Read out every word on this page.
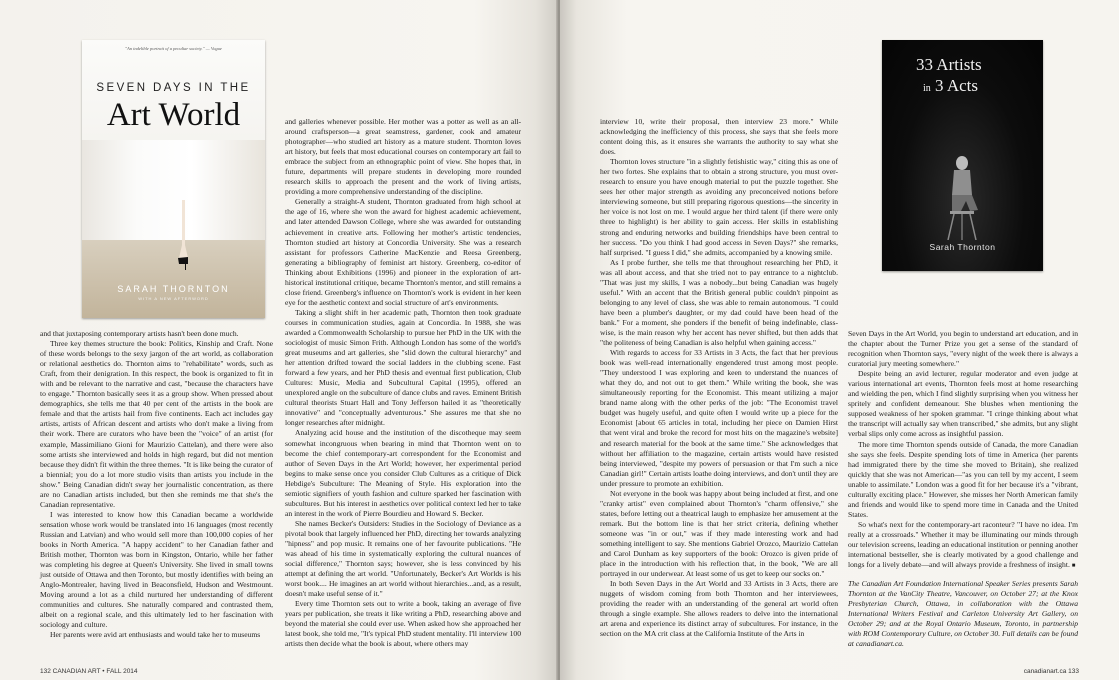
"An indelible portrait of a peculiar society." — Vogue
SEVEN DAYS IN THE
Art World
SARAH THORNTON
WITH A NEW AFTERWORD

and that juxtaposing contemporary artists hasn't been done much.

Three key themes structure the book: Politics, Kinship and Craft. None of these words belongs to the sexy jargon of the art world, as collaboration or relational aesthetics do. Thornton aims to "rehabilitate" words, such as Craft, from their denigration. In this respect, the book is organized to fit in with and be relevant to the narrative and cast, "because the characters have to engage." Thornton basically sees it as a group show. When pressed about demographics, she tells me that 40 per cent of the artists in the book are female and that the artists hail from five continents. Each act includes gay artists, artists of African descent and artists who don't make a living from their work. There are curators who have been the "voice" of an artist (for example, Massimiliano Gioni for Maurizio Cattelan), and there were also some artists she interviewed and holds in high regard, but did not mention because they didn't fit within the three themes. "It is like being the curator of a biennial; you do a lot more studio visits than artists you include in the show." Being Canadian didn't sway her journalistic concentration, as there are no Canadian artists included, but then she reminds me that she's the Canadian representative.

I was interested to know how this Canadian became a worldwide sensation whose work would be translated into 16 languages (most recently Russian and Latvian) and who would sell more than 100,000 copies of her books in North America. "A happy accident" to her Canadian father and British mother, Thornton was born in Kingston, Ontario, while her father was completing his degree at Queen's University. She lived in small towns just outside of Ottawa and then Toronto, but mostly identifies with being an Anglo-Montrealer, having lived in Beaconsfield, Hudson and Westmount. Moving around a lot as a child nurtured her understanding of different communities and cultures. She naturally compared and contrasted them, albeit on a regional scale, and this ultimately led to her fascination with sociology and culture.

Her parents were avid art enthusiasts and would take her to museums

and galleries whenever possible. Her mother was a potter as well as an all-around craftsperson—a great seamstress, gardener, cook and amateur photographer—who studied art history as a mature student. Thornton loves art history, but feels that most educational courses on contemporary art fail to embrace the subject from an ethnographic point of view. She hopes that, in future, departments will prepare students in developing more rounded research skills to approach the present and the work of living artists, providing a more comprehensive understanding of the discipline.

Generally a straight-A student, Thornton graduated from high school at the age of 16, where she won the award for highest academic achievement, and later attended Dawson College, where she was awarded for outstanding achievement in creative arts. Following her mother's artistic tendencies, Thornton studied art history at Concordia University. She was a research assistant for professors Catherine MacKenzie and Reesa Greenberg, generating a bibliography of feminist art history. Greenberg, co-editor of Thinking about Exhibitions (1996) and pioneer in the exploration of art-historical institutional critique, became Thornton's mentor, and still remains a close friend. Greenberg's influence on Thornton's work is evident in her keen eye for the aesthetic context and social structure of art's environments.

Taking a slight shift in her academic path, Thornton then took graduate courses in communication studies, again at Concordia. In 1988, she was awarded a Commonwealth Scholarship to pursue her PhD in the UK with the sociologist of music Simon Frith. Although London has some of the world's great museums and art galleries, she "slid down the cultural hierarchy" and her attention drifted toward the social ladders in the clubbing scene. Fast forward a few years, and her PhD thesis and eventual first publication, Club Cultures: Music, Media and Subcultural Capital (1995), offered an unexplored angle on the subculture of dance clubs and raves. Eminent British cultural theorists Stuart Hall and Tony Jefferson hailed it as "theoretically innovative" and "conceptually adventurous." She assures me that she no longer researches after midnight.

Analyzing acid house and the institution of the discotheque may seem somewhat incongruous when bearing in mind that Thornton went on to become the chief contemporary-art correspondent for the Economist and author of Seven Days in the Art World; however, her experimental period begins to make sense once you consider Club Cultures as a critique of Dick Hebdige's Subculture: The Meaning of Style. His exploration into the semiotic signifiers of youth fashion and culture sparked her fascination with subcultures. But his interest in aesthetics over political context led her to take an interest in the work of Pierre Bourdieu and Howard S. Becker.

She names Becker's Outsiders: Studies in the Sociology of Deviance as a pivotal book that largely influenced her PhD, directing her towards analyzing "hipness" and pop music. It remains one of her favourite publications. "He was ahead of his time in systematically exploring the cultural nuances of social difference," Thornton says; however, she is less convinced by his attempt at defining the art world. "Unfortunately, Becker's Art Worlds is his worst book.... He imagines an art world without hierarchies...and, as a result, doesn't make useful sense of it."

Every time Thornton sets out to write a book, taking an average of five years per publication, she treats it like writing a PhD, researching above and beyond the material she could ever use. When asked how she approached her latest book, she told me, "It's typical PhD student mentality. I'll interview 100 artists then decide what the book is about, where others may

132 CANADIAN ART • FALL 2014

interview 10, write their proposal, then interview 23 more." While acknowledging the inefficiency of this process, she says that she feels more content doing this, as it ensures she warrants the authority to say what she does.

Thornton loves structure "in a slightly fetishistic way," citing this as one of her two fortes. She explains that to obtain a strong structure, you must over-research to ensure you have enough material to put the puzzle together. She sees her other major strength as avoiding any preconceived notions before interviewing someone, but still preparing rigorous questions—the sincerity in her voice is not lost on me. I would argue her third talent (if there were only three to highlight) is her ability to gain access. Her skills in establishing strong and enduring networks and building friendships have been central to her success. "Do you think I had good access in Seven Days?" she remarks, half surprised. "I guess I did," she admits, accompanied by a knowing smile.

As I probe further, she tells me that throughout researching her PhD, it was all about access, and that she tried not to pay entrance to a nightclub. "That was just my skills, I was a nobody...but being Canadian was hugely useful." With an accent that the British general public couldn't pinpoint as belonging to any level of class, she was able to remain autonomous. "I could have been a plumber's daughter, or my dad could have been head of the bank." For a moment, she ponders if the benefit of being indefinable, class-wise, is the main reason why her accent has never shifted, but then adds that "the politeness of being Canadian is also helpful when gaining access."

With regards to access for 33 Artists in 3 Acts, the fact that her previous book was well-read internationally engendered trust among most people. "They understood I was exploring and keen to understand the nuances of what they do, and not out to get them." While writing the book, she was simultaneously reporting for the Economist. This meant utilizing a major brand name along with the other perks of the job: "The Economist travel budget was hugely useful, and quite often I would write up a piece for the Economist [about 65 articles in total, including her piece on Damien Hirst that went viral and broke the record for most hits on the magazine's website] and research material for the book at the same time." She acknowledges that without her affiliation to the magazine, certain artists would have resisted being interviewed, "despite my powers of persuasion or that I'm such a nice Canadian girl!" Certain artists loathe doing interviews, and don't until they are under pressure to promote an exhibition.

Not everyone in the book was happy about being included at first, and one "cranky artist" even complained about Thornton's "charm offensive," she states, before letting out a theatrical laugh to emphasize her amusement at the remark. But the bottom line is that her strict criteria, defining whether someone was "in or out," was if they made interesting work and had something intelligent to say. She mentions Gabriel Orozco, Maurizio Cattelan and Carol Dunham as key supporters of the book: Orozco is given pride of place in the introduction with his reflection that, in the book, "We are all portrayed in our underwear. At least some of us get to keep our socks on."

In both Seven Days in the Art World and 33 Artists in 3 Acts, there are nuggets of wisdom coming from both Thornton and her interviewees, providing the reader with an understanding of the general art world often through a single example. She allows readers to delve into the international art arena and experience its distinct array of subcultures. For instance, in the section on the MA crit class at the California Institute of the Arts in

Seven Days in the Art World, you begin to understand art education, and in the chapter about the Turner Prize you get a sense of the standard of recognition when Thornton says, "every night of the week there is always a curatorial jury meeting somewhere."

Despite being an avid lecturer, regular moderator and even judge at various international art events, Thornton feels most at home researching and wielding the pen, which I find slightly surprising when you witness her spritely and confident demeanour. She blushes when mentioning the supposed weakness of her spoken grammar. "I cringe thinking about what the transcript will actually say when transcribed," she admits, but any slight verbal slips only come across as insightful passion.

The more time Thornton spends outside of Canada, the more Canadian she says she feels. Despite spending lots of time in America (her parents had immigrated there by the time she moved to Britain), she realized quickly that she was not American—"as you can tell by my accent, I seem unable to assimilate." London was a good fit for her because it's a "vibrant, culturally exciting place." However, she misses her North American family and friends and would like to spend more time in Canada and the United States.

So what's next for the contemporary-art raconteur? "I have no idea. I'm really at a crossroads." Whether it may be illuminating our minds through our television screens, leading an educational institution or penning another international bestseller, she is clearly motivated by a good challenge and longs for a lively debate—and will always provide a freshness of insight. ■

The Canadian Art Foundation International Speaker Series presents Sarah Thornton at the VanCity Theatre, Vancouver, on October 27; at the Knox Presbyterian Church, Ottawa, in collaboration with the Ottawa International Writers Festival and Carleton University Art Gallery, on October 29; and at the Royal Ontario Museum, Toronto, in partnership with ROM Contemporary Culture, on October 30. Full details can be found at canadianart.ca.

canadianart.ca 133
33 Artists
in 3 Acts
Sarah Thornton
